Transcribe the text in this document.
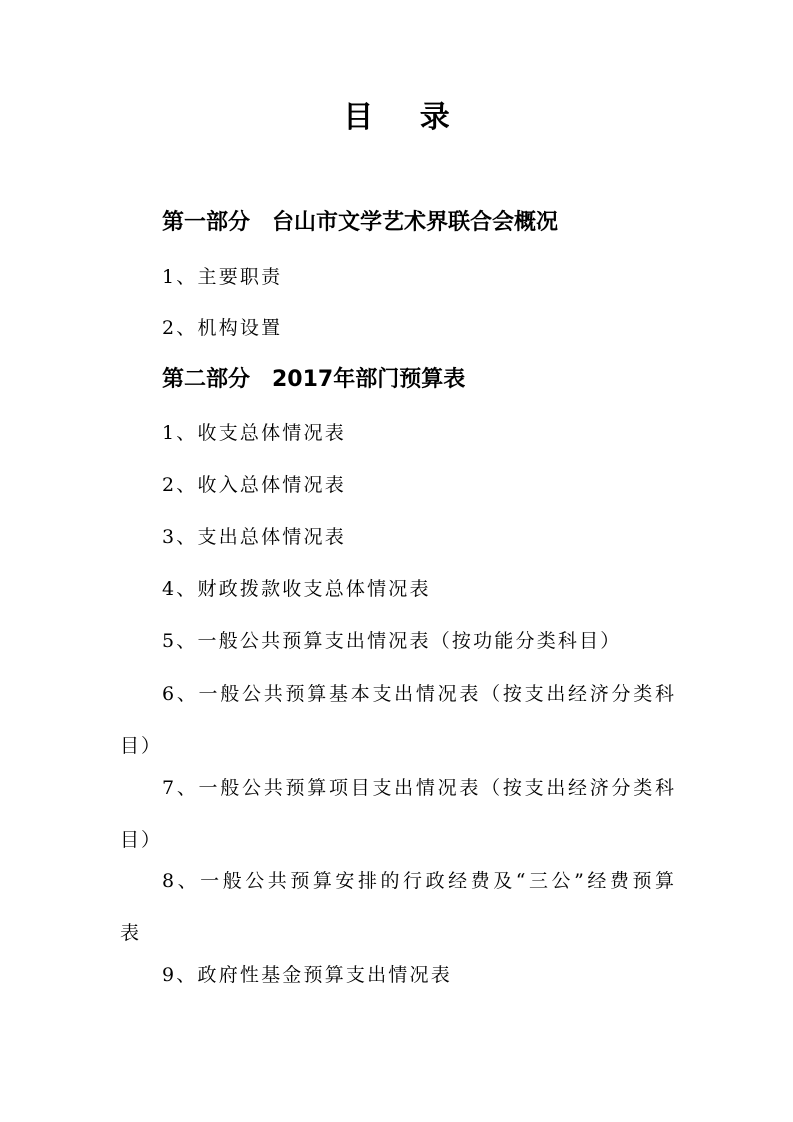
目 录
第一部分　台山市文学艺术界联合会概况
1、主要职责
2、机构设置
第二部分　2017年部门预算表
1、收支总体情况表
2、收入总体情况表
3、支出总体情况表
4、财政拨款收支总体情况表
5、一般公共预算支出情况表（按功能分类科目）
6、一般公共预算基本支出情况表（按支出经济分类科
目）
7、一般公共预算项目支出情况表（按支出经济分类科
目）
8、一般公共预算安排的行政经费及“三公”经费预算
表
9、政府性基金预算支出情况表
